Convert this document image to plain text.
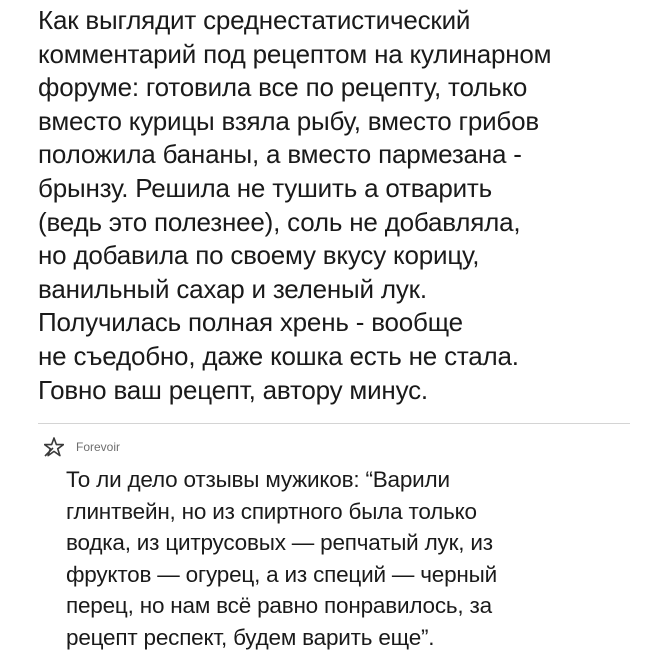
Как выглядит среднестатистический
комментарий под рецептом на кулинарном
форуме: готовила все по рецепту, только
вместо курицы взяла рыбу, вместо грибов
положила бананы, а вместо пармезана -
брынзу. Решила не тушить а отварить
(ведь это полезнее), соль не добавляла,
но добавила по своему вкусу корицу,
ванильный сахар и зеленый лук.
Получилась полная хрень - вообще
не съедобно, даже кошка есть не стала.
Говно ваш рецепт, автору минус.
Forevoir
То ли дело отзывы мужиков: “Варили
глинтвейн, но из спиртного была только
водка, из цитрусовых — репчатый лук, из
фруктов — огурец, а из специй — черный
перец, но нам всё равно понравилось, за
рецепт респект, будем варить еще”.
